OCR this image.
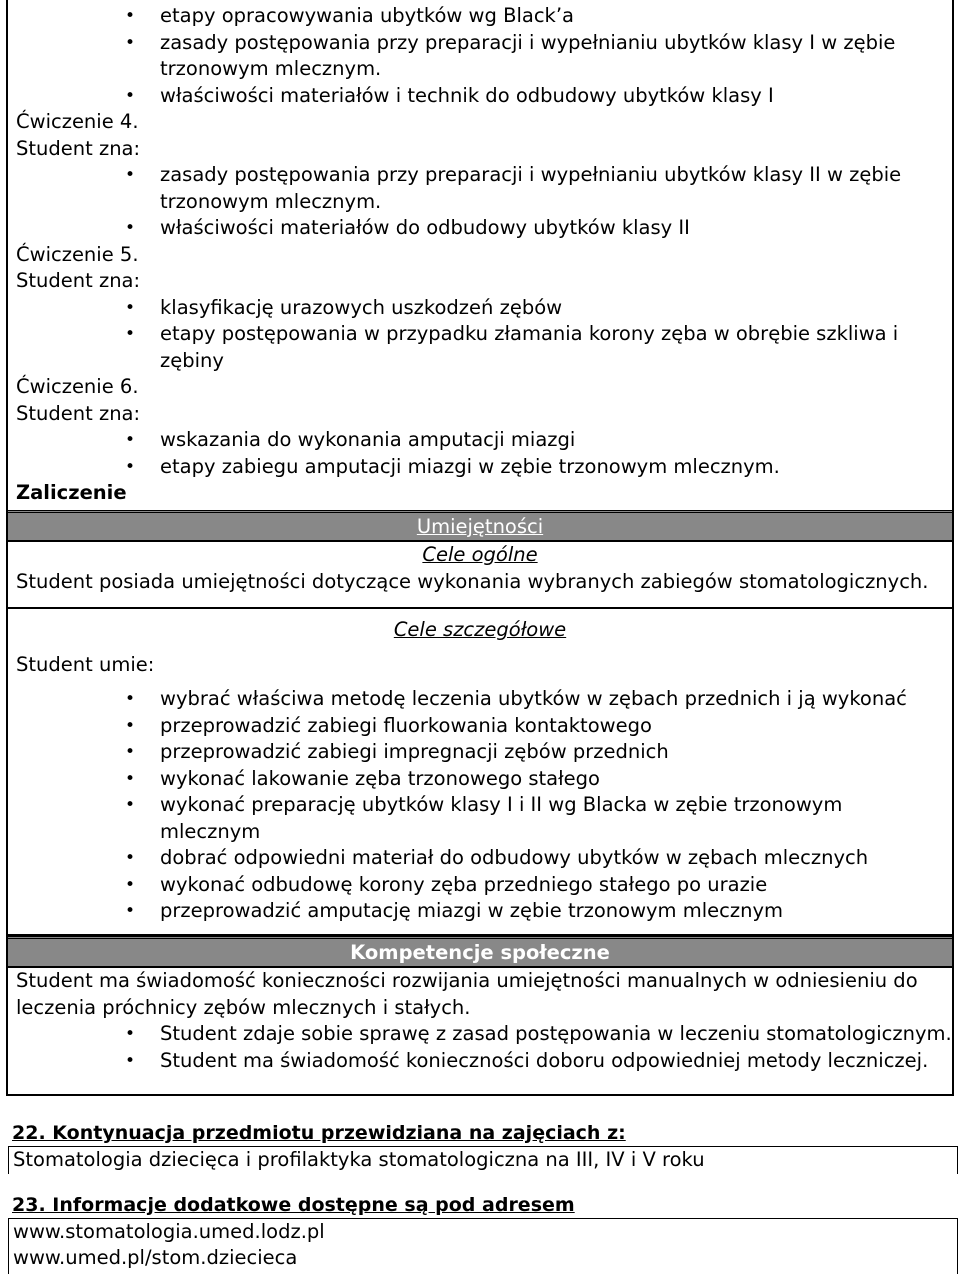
• etapy opracowywania ubytków wg Black’a
• zasady postępowania przy preparacji i wypełnianiu ubytków klasy I w zębie trzonowym mlecznym.
• właściwości materiałów i technik do odbudowy ubytków klasy I
Ćwiczenie 4.
Student zna:
• zasady postępowania przy preparacji i wypełnianiu ubytków klasy II w zębie trzonowym mlecznym.
• właściwości materiałów do odbudowy ubytków klasy II
Ćwiczenie 5.
Student zna:
• klasyfikację urazowych uszkodzeń zębów
• etapy postępowania w przypadku złamania korony zęba w obrębie szkliwa i zębiny
Ćwiczenie 6.
Student zna:
• wskazania do wykonania amputacji miazgi
• etapy zabiegu amputacji miazgi w zębie trzonowym mlecznym.
Zaliczenie
Umiejętności
Cele ogólne
Student posiada umiejętności dotyczące wykonania wybranych zabiegów stomatologicznych.
Cele szczegółowe
Student umie:
• wybrać właściwa metodę leczenia ubytków w zębach przednich i ją wykonać
• przeprowadzić zabiegi fluorkowania kontaktowego
• przeprowadzić zabiegi impregnacji zębów przednich
• wykonać lakowanie zęba trzonowego stałego
• wykonać preparację ubytków klasy I i II wg Blacka w zębie trzonowym mlecznym
• dobrać odpowiedni materiał do odbudowy ubytków w zębach mlecznych
• wykonać odbudowę korony zęba przedniego stałego po urazie
• przeprowadzić amputację miazgi w zębie trzonowym mlecznym
Kompetencje społeczne
Student ma świadomość konieczności rozwijania umiejętności manualnych w odniesieniu do leczenia próchnicy zębów mlecznych i stałych.
• Student zdaje sobie sprawę z zasad postępowania w leczeniu stomatologicznym.
• Student ma świadomość konieczności doboru odpowiedniej metody leczniczej.
22. Kontynuacja przedmiotu przewidziana na zajęciach z:
Stomatologia dziecięca i profilaktyka stomatologiczna na III, IV i V roku
23. Informacje dodatkowe dostępne są pod adresem
www.stomatologia.umed.lodz.pl
www.umed.pl/stom.dzieciecа
